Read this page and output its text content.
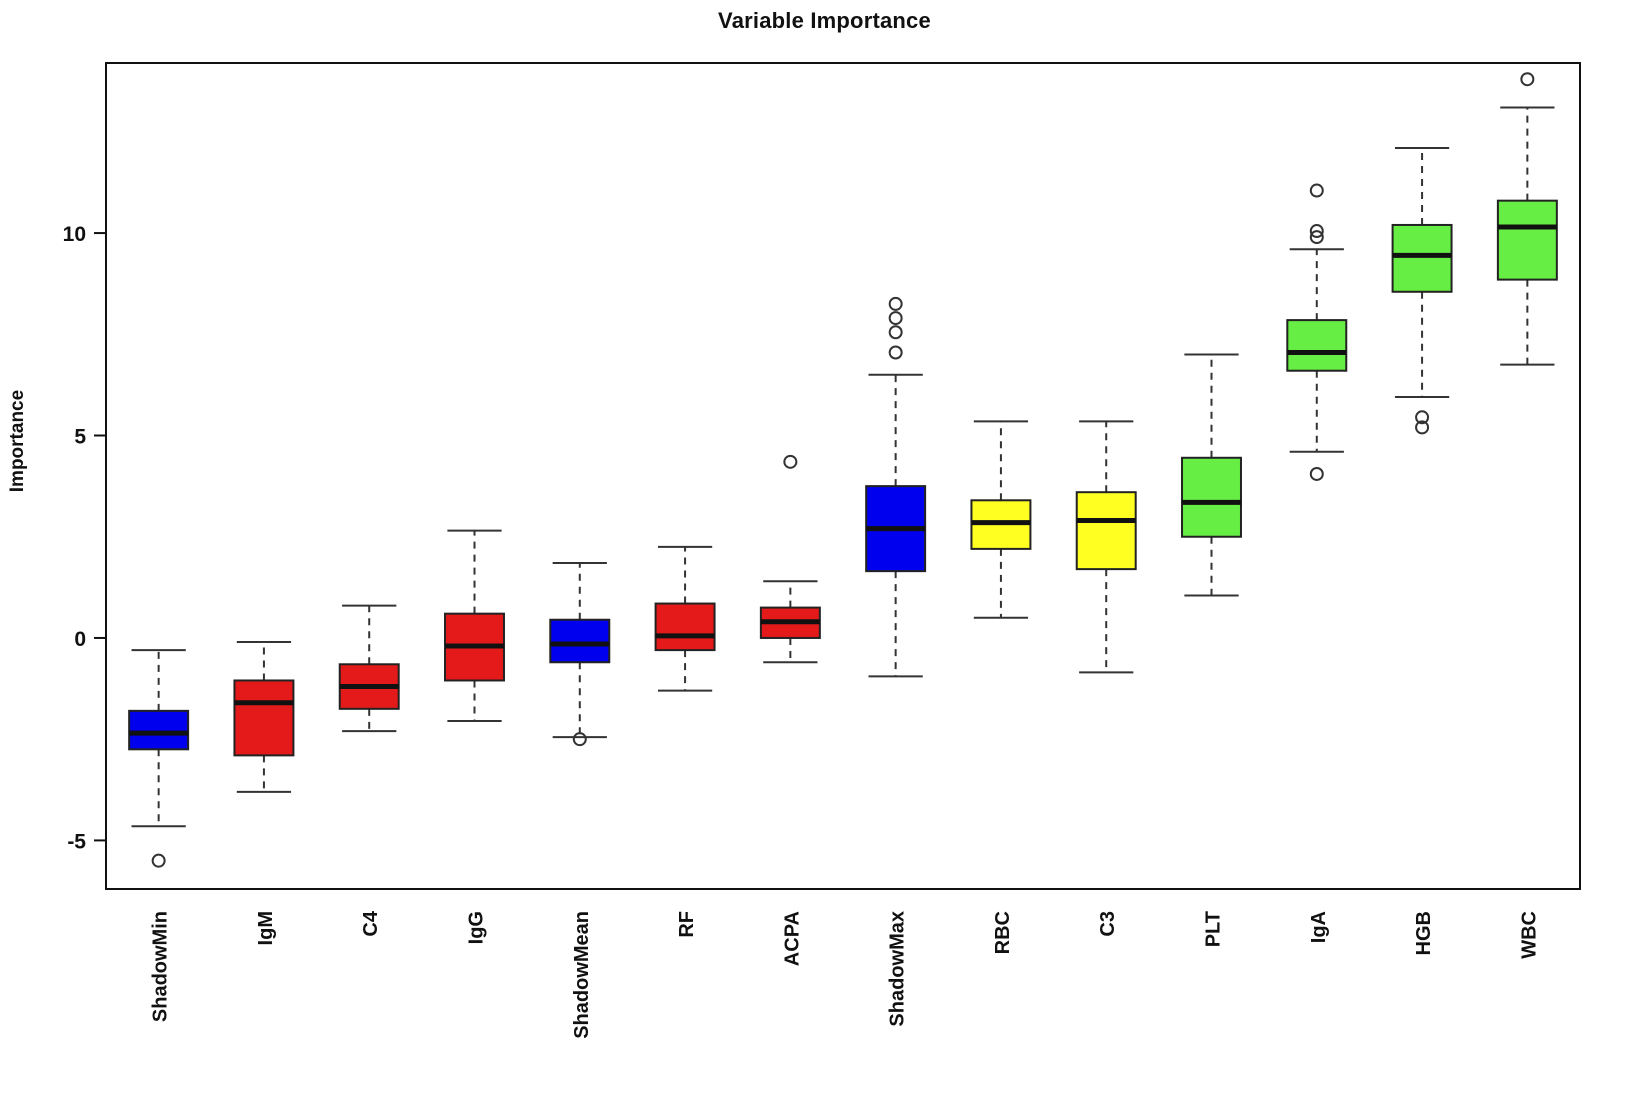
Variable Importance
Importance
-5
0
5
10
ShadowMin	IgM	C4	IgG	ShadowMean	RF	ACPA	ShadowMax	RBC	C3	PLT	IgA	HGB	WBC
